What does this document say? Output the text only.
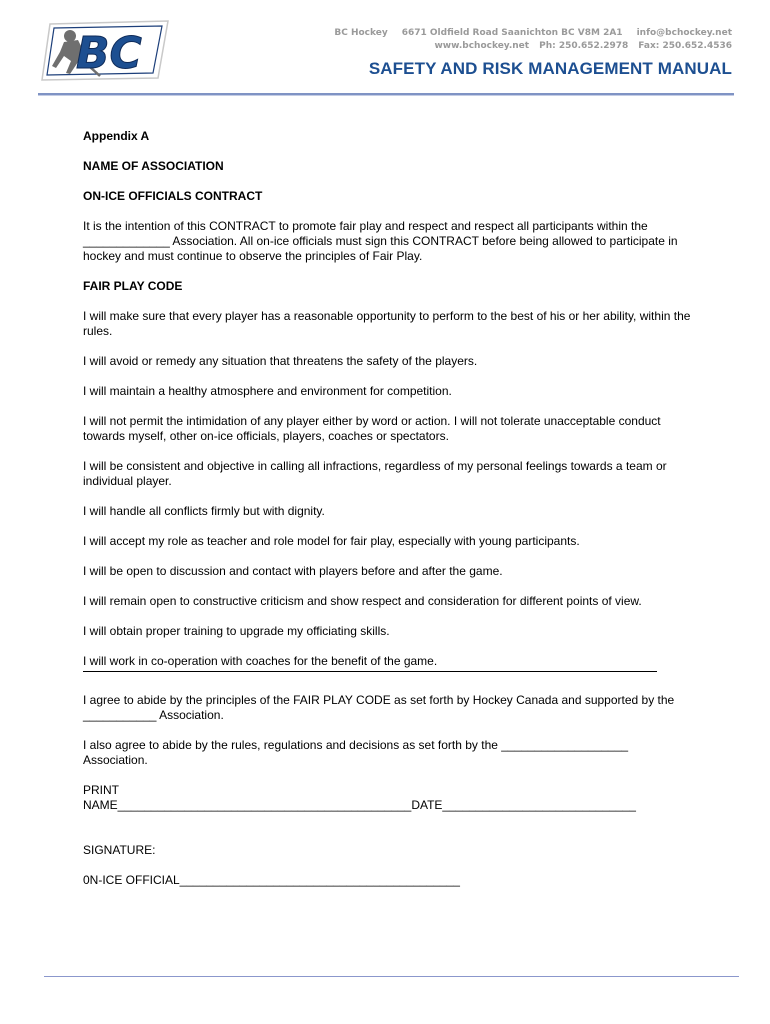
BC	BC Hockey 6671 Oldfield Road Saanichton BC V8M 2A1 info@bchockey.net
www.bchockey.net Ph: 250.652.2978 Fax: 250.652.4536
SAFETY AND RISK MANAGEMENT MANUAL

Appendix A

NAME OF ASSOCIATION

ON-ICE OFFICIALS CONTRACT

It is the intention of this CONTRACT to promote fair play and respect and respect all participants within the _____________ Association. All on-ice officials must sign this CONTRACT before being allowed to participate in hockey and must continue to observe the principles of Fair Play.

FAIR PLAY CODE

I will make sure that every player has a reasonable opportunity to perform to the best of his or her ability, within the rules.

I will avoid or remedy any situation that threatens the safety of the players.

I will maintain a healthy atmosphere and environment for competition.

I will not permit the intimidation of any player either by word or action. I will not tolerate unacceptable conduct towards myself, other on-ice officials, players, coaches or spectators.

I will be consistent and objective in calling all infractions, regardless of my personal feelings towards a team or individual player.

I will handle all conflicts firmly but with dignity.

I will accept my role as teacher and role model for fair play, especially with young participants.

I will be open to discussion and contact with players before and after the game.

I will remain open to constructive criticism and show respect and consideration for different points of view.

I will obtain proper training to upgrade my officiating skills.

I will work in co-operation with coaches for the benefit of the game.

I agree to abide by the principles of the FAIR PLAY CODE as set forth by Hockey Canada and supported by the ___________ Association.

I also agree to abide by the rules, regulations and decisions as set forth by the ___________________ Association.

PRINT
NAME____________________________________________DATE_____________________________

SIGNATURE:

0N-ICE OFFICIAL__________________________________________
